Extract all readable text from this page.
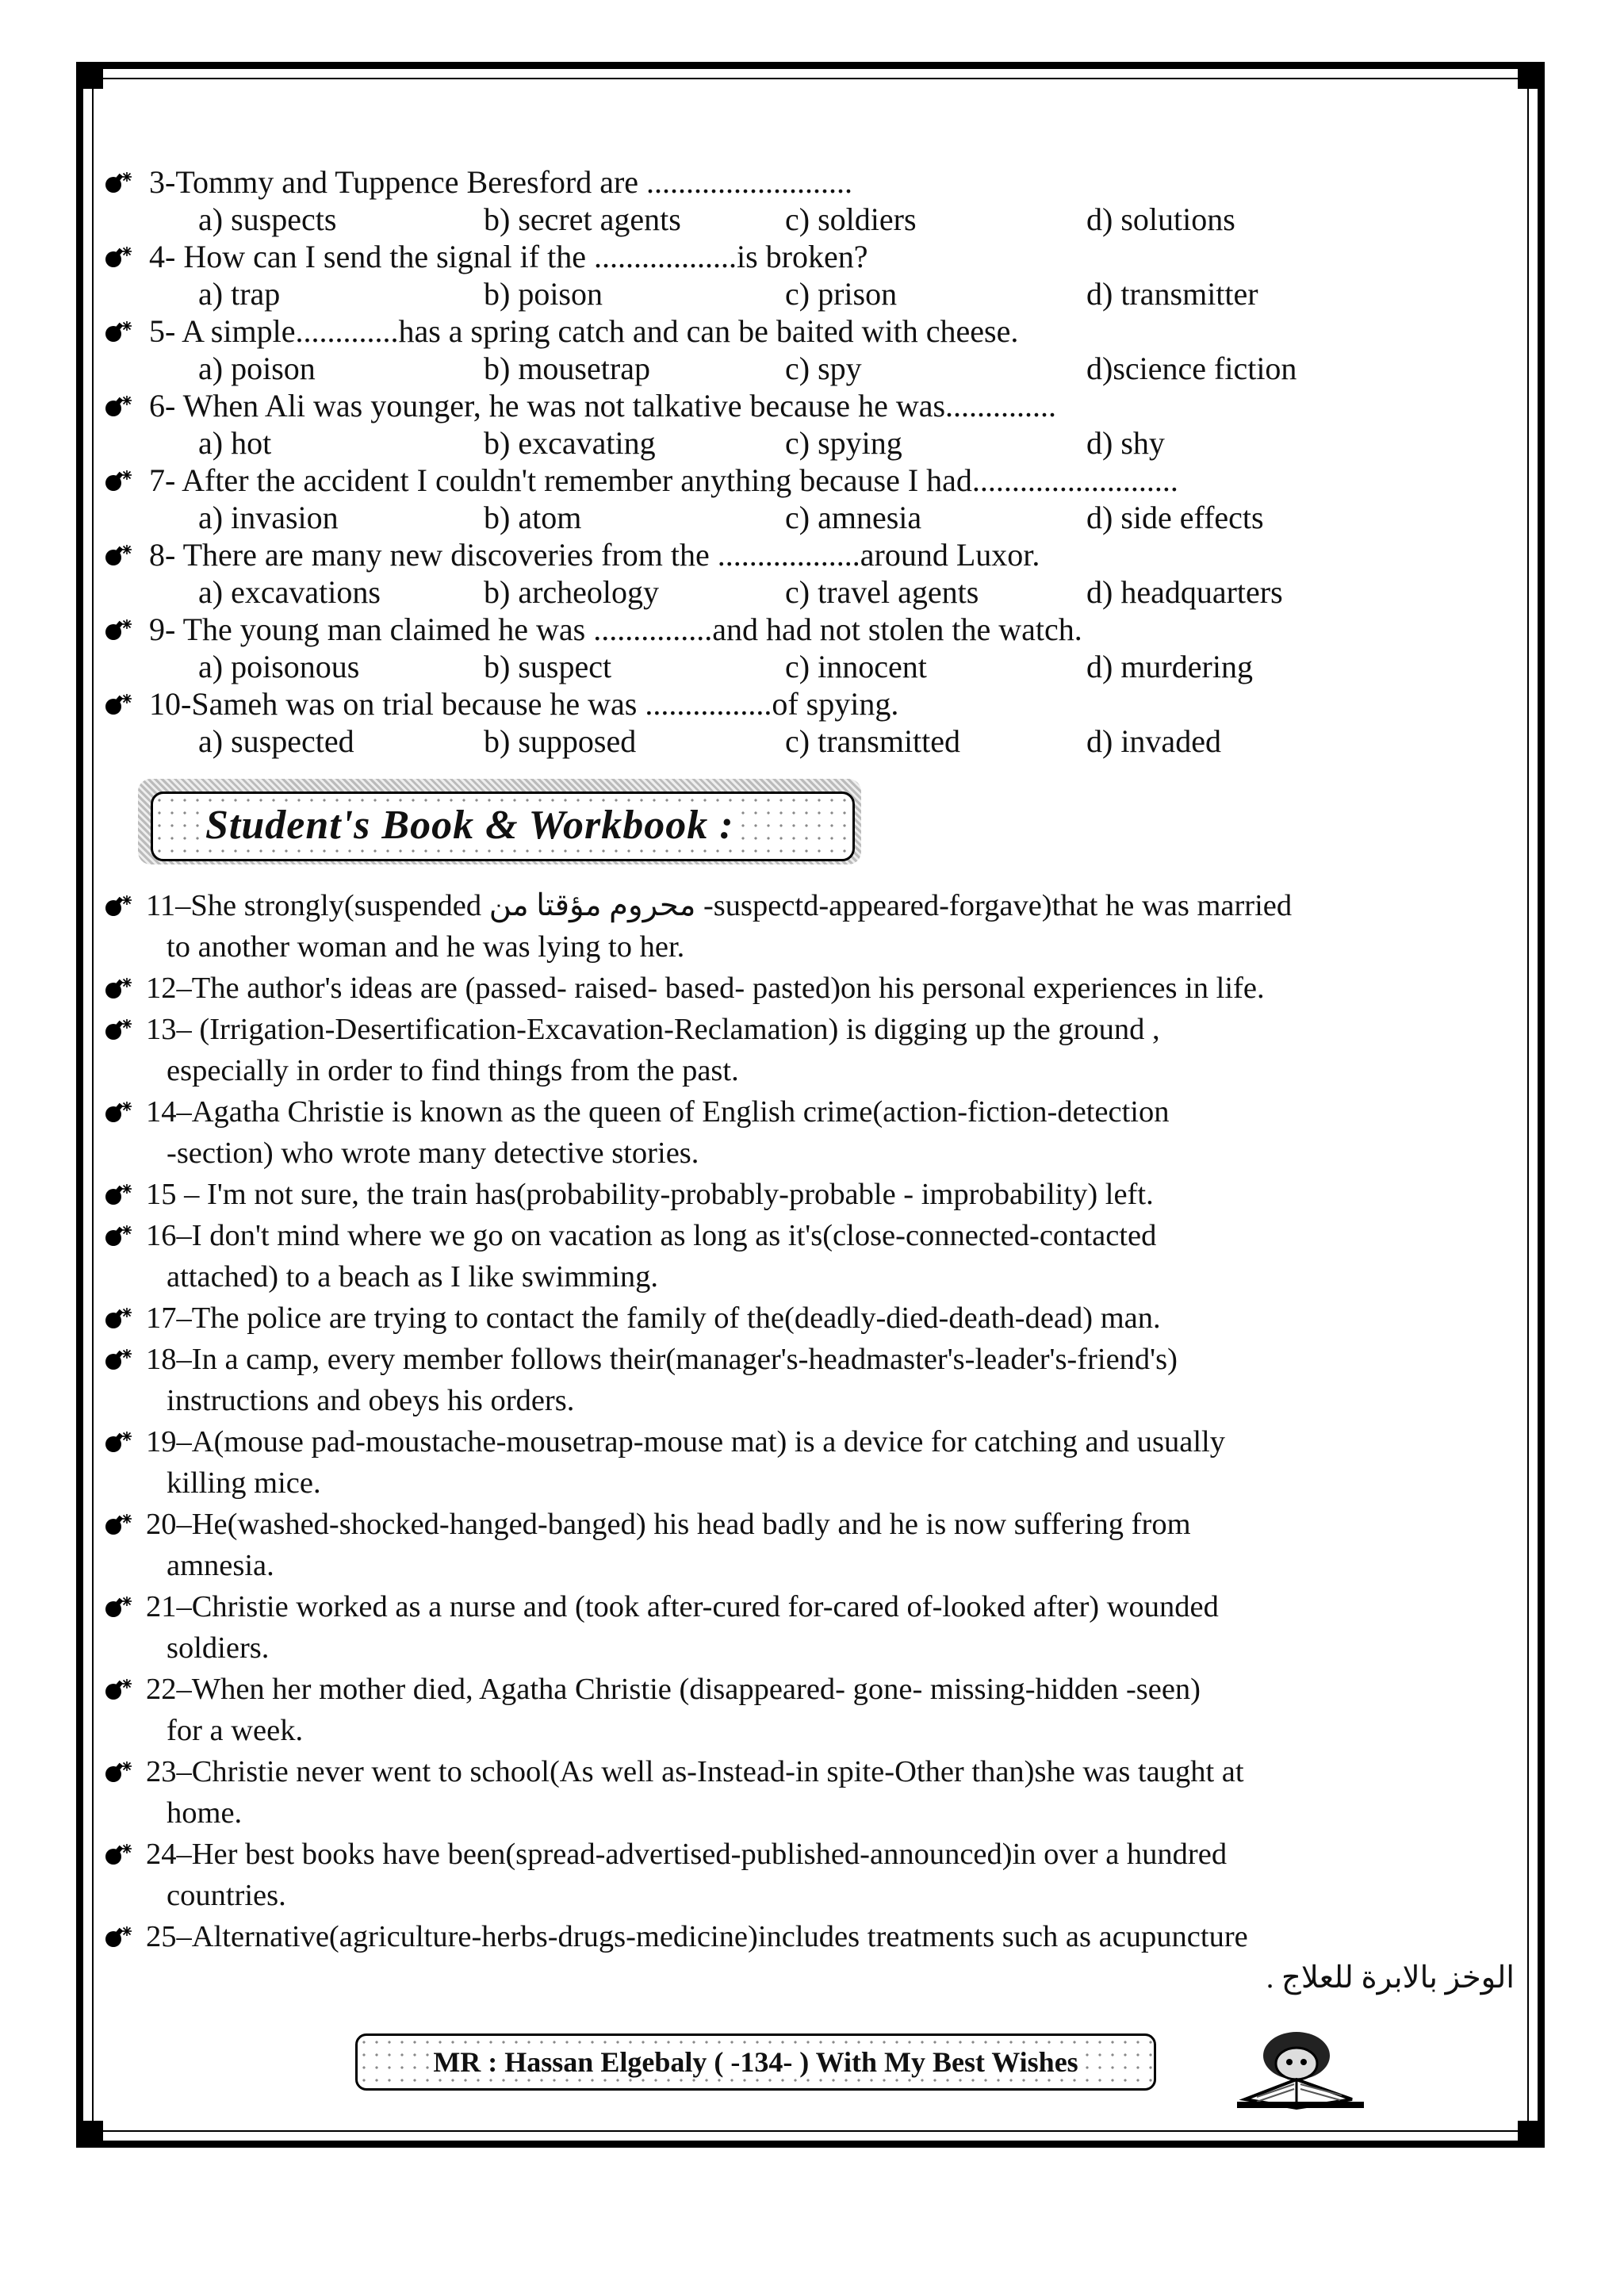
3-Tommy and Tuppence Beresford are ..........................
a) suspects	b) secret agents	c) soldiers	d) solutions
4- How can I send the signal if the ..................is broken?
a) trap	b) poison	c) prison	d) transmitter
5- A simple.............has a spring catch and can be baited with cheese.
a) poison	b) mousetrap	c) spy	d)science fiction
6- When Ali was younger, he was not talkative because he was..............
a) hot	b) excavating	c) spying	d) shy
7- After the accident I couldn't remember anything because I had..........................
a) invasion	b) atom	c) amnesia	d) side effects
8- There are many new discoveries from the ..................around Luxor.
a) excavations	b) archeology	c) travel agents	d) headquarters
9- The young man claimed he was ...............and had not stolen the watch.
a) poisonous	b) suspect	c) innocent	d) murdering
10-Sameh was on trial because he was ................of spying.
a) suspected	b) supposed	c) transmitted	d) invaded
Student's Book & Workbook :
11–She strongly(suspended محروم مؤقتا من -suspectd-appeared-forgave)that he was married
to another woman and he was lying to her.
12–The author's ideas are (passed- raised- based- pasted)on his personal experiences in life.
13– (Irrigation-Desertification-Excavation-Reclamation) is digging up the ground ,
especially in order to find things from the past.
14–Agatha Christie is known as the queen of English crime(action-fiction-detection
-section) who wrote many detective stories.
15 – I'm not sure, the train has(probability-probably-probable - improbability) left.
16–I don't mind where we go on vacation as long as it's(close-connected-contacted
attached) to a beach as I like swimming.
17–The police are trying to contact the family of the(deadly-died-death-dead) man.
18–In a camp, every member follows their(manager's-headmaster's-leader's-friend's)
instructions and obeys his orders.
19–A(mouse pad-moustache-mousetrap-mouse mat) is a device for catching and usually
killing mice.
20–He(washed-shocked-hanged-banged) his head badly and he is now suffering from
amnesia.
21–Christie worked as a nurse and (took after-cured for-cared of-looked after) wounded
soldiers.
22–When her mother died, Agatha Christie (disappeared- gone- missing-hidden -seen)
for a week.
23–Christie never went to school(As well as-Instead-in spite-Other than)she was taught at
home.
24–Her best books have been(spread-advertised-published-announced)in over a hundred
countries.
25–Alternative(agriculture-herbs-drugs-medicine)includes treatments such as acupuncture
الوخز بالابرة للعلاج .
MR : Hassan Elgebaly ( -134- ) With My Best Wishes
